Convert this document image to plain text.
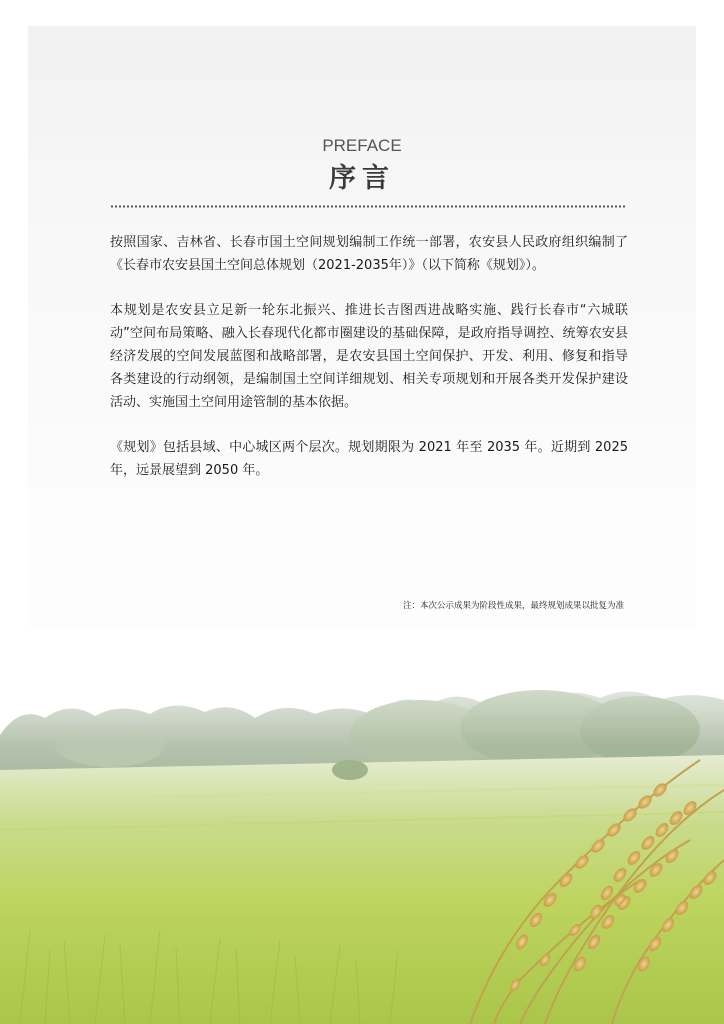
PREFACE
序言

按照国家、吉林省、长春市国土空间规划编制工作统一部署，农安县人民政府组织编制了《长春市农安县国土空间总体规划（2021-2035年）》（以下简称《规划》）。

本规划是农安县立足新一轮东北振兴、推进长吉图西进战略实施、践行长春市“六城联动”空间布局策略、融入长春现代化都市圈建设的基础保障，是政府指导调控、统筹农安县经济发展的空间发展蓝图和战略部署，是农安县国土空间保护、开发、利用、修复和指导各类建设的行动纲领，是编制国土空间详细规划、相关专项规划和开展各类开发保护建设活动、实施国土空间用途管制的基本依据。

《规划》包括县域、中心城区两个层次。规划期限为 2021 年至 2035 年。近期到 2025 年，远景展望到 2050 年。

注：本次公示成果为阶段性成果，最终规划成果以批复为准
